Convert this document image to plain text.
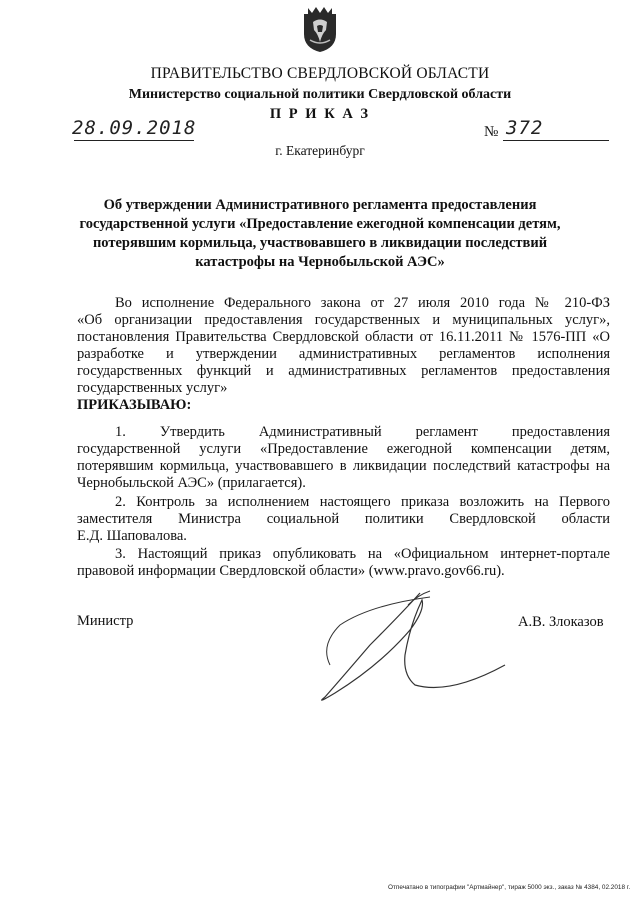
ПРАВИТЕЛЬСТВО СВЕРДЛОВСКОЙ ОБЛАСТИ
Министерство социальной политики Свердловской области
П Р И К А З
28.09.2018	№ 372
г. Екатеринбург
Об утверждении Административного регламента предоставления
государственной услуги «Предоставление ежегодной компенсации детям,
потерявшим кормильца, участвовавшего в ликвидации последствий
катастрофы на Чернобыльской АЭС»
Во исполнение Федерального закона от 27 июля 2010 года № 210-ФЗ
«Об организации предоставления государственных и муниципальных услуг»,
постановления Правительства Свердловской области от 16.11.2011 № 1576-ПП «О
разработке и утверждении административных регламентов исполнения
государственных функций и административных регламентов предоставления
государственных услуг»
ПРИКАЗЫВАЮ:
1. Утвердить Административный регламент предоставления
государственной услуги «Предоставление ежегодной компенсации детям,
потерявшим кормильца, участвовавшего в ликвидации последствий катастрофы на
Чернобыльской АЭС» (прилагается).
2. Контроль за исполнением настоящего приказа возложить на Первого
заместителя Министра социальной политики Свердловской области
Е.Д. Шаповалова.
3. Настоящий приказ опубликовать на «Официальном интернет-портале
правовой информации Свердловской области» (www.pravo.gov66.ru).
Министр	А.В. Злоказов
Отпечатано в типографии "Артмайнер", тираж 5000 экз., заказ № 4384, 02.2018 г.
